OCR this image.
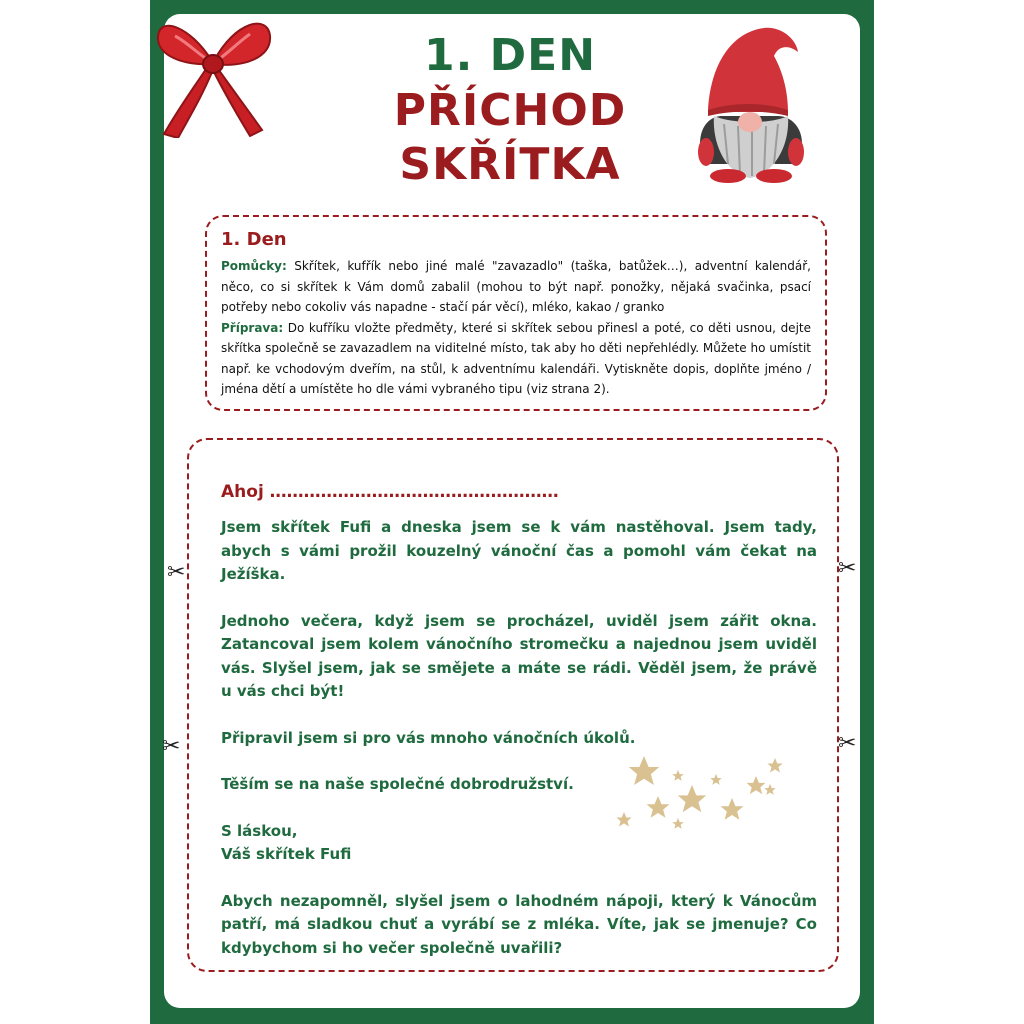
1. DEN
PŘÍCHOD
SKŘÍTKA
1. Den

Pomůcky: Skřítek, kufřík nebo jiné malé "zavazadlo" (taška, batůžek…), adventní kalendář, něco, co si skřítek k Vám domů zabalil (mohou to být např. ponožky, nějaká svačinka, psací potřeby nebo cokoliv vás napadne - stačí pár věcí), mléko, kakao / granko

Příprava: Do kufříku vložte předměty, které si skřítek sebou přinesl a poté, co děti usnou, dejte skřítka společně se zavazadlem na viditelné místo, tak aby ho děti nepřehlédly. Můžete ho umístit např. ke vchodovým dveřím, na stůl, k adventnímu kalendáři. Vytiskněte dopis, doplňte jméno / jména dětí a umístěte ho dle vámi vybraného tipu (viz strana 2).

Ahoj ……………………………………………

Jsem skřítek Fufi a dneska jsem se k vám nastěhoval. Jsem tady, abych s vámi prožil kouzelný vánoční čas a pomohl vám čekat na Ježíška.

Jednoho večera, když jsem se procházel, uviděl jsem zářit okna. Zatancoval jsem kolem vánočního stromečku a najednou jsem uviděl vás. Slyšel jsem, jak se smějete a máte se rádi. Věděl jsem, že právě u vás chci být!

Připravil jsem si pro vás mnoho vánočních úkolů.

Těším se na naše společné dobrodružství.

S láskou,

Váš skřítek Fufi

Abych nezapomněl, slyšel jsem o lahodném nápoji, který k Vánocům patří, má sladkou chuť a vyrábí se z mléka. Víte, jak se jmenuje? Co kdybychom si ho večer společně uvařili?

✂
✂
✂
✂
